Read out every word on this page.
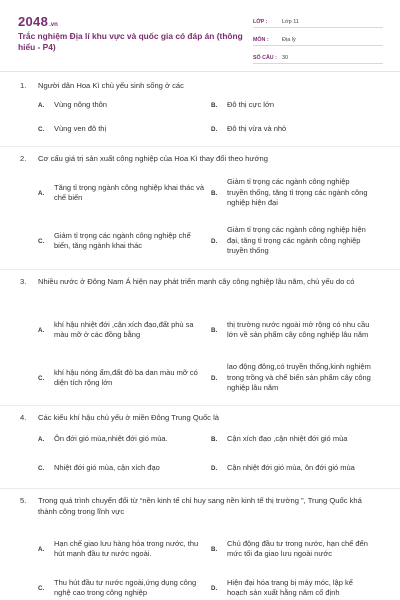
2048.vn
Trắc nghiệm Địa lí khu vực và quốc gia có đáp án (thông hiểu - P4)
LỚP :	Lớp 11
MÔN :	Địa lý
SỐ CÂU : 30
1.	Người dân Hoa Kì chủ yếu sinh sống ở các
A.	Vùng nông thôn	B.	Đô thị cực lớn
C.	Vùng ven đô thị	D.	Đô thị vừa và nhỏ
2.	Cơ cấu giá trị sản xuất công nghiệp của Hoa Kì thay đổi theo hướng
A.
Tăng tỉ trọng ngành công nghiệp khai thác và chế biến	B.
Giảm tỉ trọng các ngành công nghiệp truyền thống, tăng tỉ trọng các ngành công nghiệp hiện đại
C.
Giảm tỉ trọng các ngành công nghiệp chế biến, tăng ngành khai thác	D.
Giảm tỉ trọng các ngành công nghiệp hiện đại, tăng tỉ trọng các ngành công nghiệp truyền thống
3.	Nhiều nước ở Đông Nam Á hiện nay phát triển mạnh cây công nghiệp lâu năm, chủ yếu do có
A.
khí hậu nhiệt đới ,cận xích đạo,đất phù sa màu mỡ ở các đồng bằng	B.
thị trường nước ngoài mở rộng có nhu cầu lớn về sản phẩm cây công nghiệp lâu năm
C.
khí hậu nóng ẩm,đất đỏ ba dan màu mỡ có diện tích rộng lớn	D.
lao động đông,có truyền thống,kinh nghiệm trong trồng và chế biến sản phẩm cây công nghiệp lâu năm
4.	Các kiểu khí hậu chủ yếu ở miền Đông Trung Quốc là
A.	Ôn đới gió mùa,nhiệt đới gió mùa.	B.	Cận xích đạo ,cận nhiệt đới gió mùa
C.	Nhiệt đới gió mùa, cận xích đạo	D.	Cận nhiệt đới gió mùa, ôn đới gió mùa
5.	Trong quá trình chuyển đổi từ “nền kinh tế chỉ huy sang nền kinh tế thị trường ”, Trung Quốc khá thành công trong lĩnh vực
A.
Hạn chế giao lưu hàng hóa trong nước, thu hút mạnh đầu tư nước ngoài.	B.
Chủ động đầu tư trong nước, hạn chế đến mức tối đa giao lưu ngoài nước
C.
Thu hút đầu tư nước ngoài,ứng dụng công nghệ cao trong công nghiệp	D.
Hiện đại hóa trang bị máy móc, lập kế hoạch sản xuất hằng năm cố định
